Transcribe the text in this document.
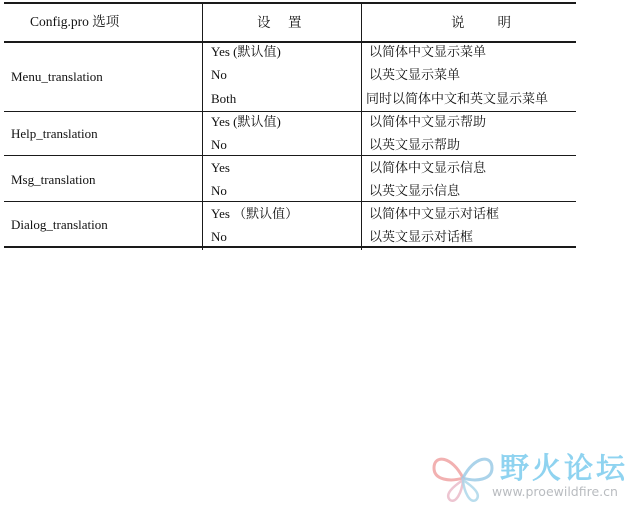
Config.pro 选项	设　置	说　　明
Menu_translation
Yes (默认值)	以简体中文显示菜单
No	以英文显示菜单
Both	同时以简体中文和英文显示菜单
Help_translation
Yes (默认值)	以简体中文显示帮助
No	以英文显示帮助
Msg_translation
Yes	以简体中文显示信息
No	以英文显示信息
Dialog_translation
Yes （默认值）	以简体中文显示对话框
No	以英文显示对话框
野火论坛
www.proewildfire.cn
